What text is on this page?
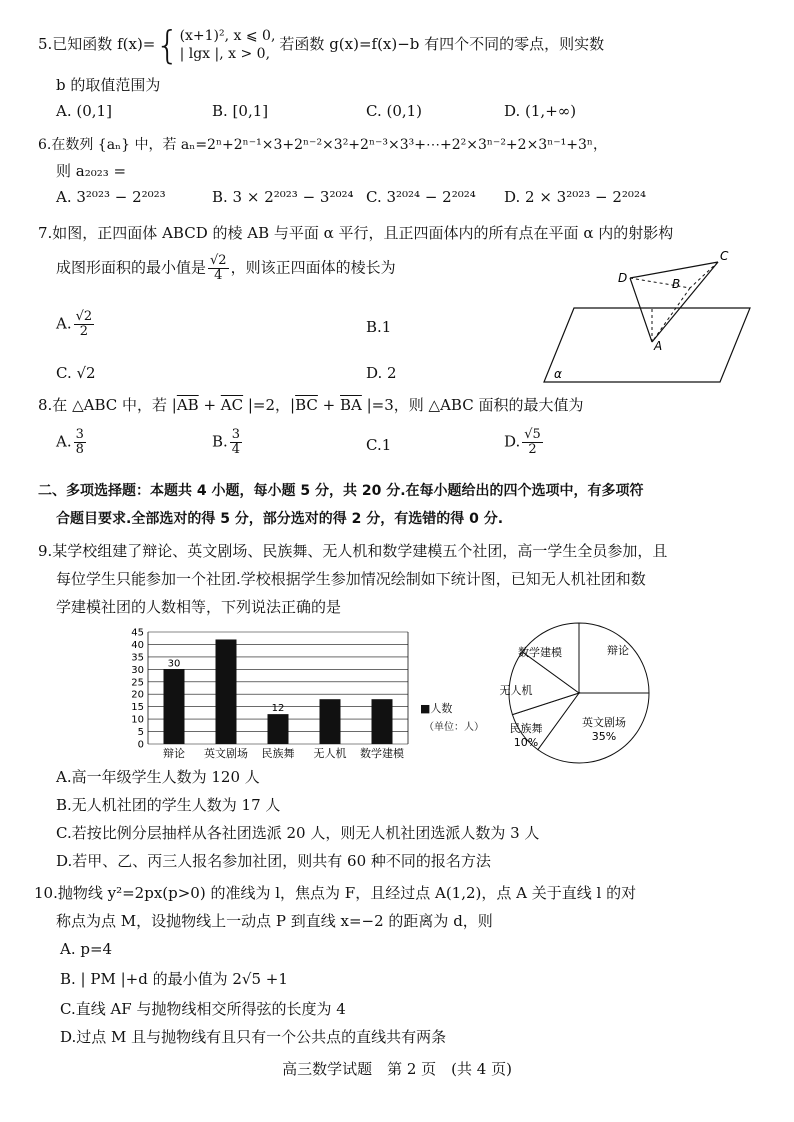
5.已知函数 f(x)={ (x+1)², x ⩽ 0,
| lgx |, x > 0,
若函数 g(x)=f(x)−b 有四个不同的零点，则实数
b 的取值范围为
A. (0,1]	B. [0,1]	C. (0,1)	D. (1,+∞)
6.在数列 {aₙ} 中，若 aₙ=2ⁿ+2ⁿ⁻¹×3+2ⁿ⁻²×3²+2ⁿ⁻³×3³+⋯+2²×3ⁿ⁻²+2×3ⁿ⁻¹+3ⁿ，
则 a₂₀₂₃ =
A. 3²⁰²³ − 2²⁰²³	B. 3 × 2²⁰²³ − 3²⁰²⁴ C. 3²⁰²⁴ − 2²⁰²⁴ D. 2 × 3²⁰²³ − 2²⁰²⁴
7.如图，正四面体 ABCD 的棱 AB 与平面 α 平行，且正四面体内的所有点在平面 α 内的射影构
成图形面积的最小值是 $\frac{√2}{4}$ ，则该正四面体的棱长为
A. $\frac{√2}{2}$	B.1
C. √2	D. 2
D
C
B
A
α
8.在 △ABC 中，若 $|\overline{AB} + \overline{AC}$ |=2，$|\overline{BC} + \overline{BA}$ |=3，则 △ABC 面积的最大值为
A. $\frac{3}{8}$	B. $\frac{3}{4}$	C.1	D. $\frac{√5}{2}$
二、多项选择题：本题共 4 小题，每小题 5 分，共 20 分.在每小题给出的四个选项中，有多项符
合题目要求.全部选对的得 5 分，部分选对的得 2 分，有选错的得 0 分.
9.某学校组建了辩论、英文剧场、民族舞、无人机和数学建模五个社团，高一学生全员参加，且
每位学生只能参加一个社团.学校根据学生参加情况绘制如下统计图，已知无人机社团和数
学建模社团的人数相等，下列说法正确的是
0
5
10
15
20
25
30
35
40
45
30
12
辩论 英文剧场 民族舞 无人机 数学建模
■人数
（单位：人）
辩论
英文剧场
35%
民族舞
10%
无人机
数学建模
A.高一年级学生人数为 120 人
B.无人机社团的学生人数为 17 人
C.若按比例分层抽样从各社团选派 20 人，则无人机社团选派人数为 3 人
D.若甲、乙、丙三人报名参加社团，则共有 60 种不同的报名方法
10.抛物线 y²=2px(p>0) 的准线为 l，焦点为 F，且经过点 A(1,2)，点 A 关于直线 l 的对
称点为点 M，设抛物线上一动点 P 到直线 x=−2 的距离为 d，则
A. p=4
B. | PM |+d 的最小值为 2√5 +1
C.直线 AF 与抛物线相交所得弦的长度为 4
D.过点 M 且与抛物线有且只有一个公共点的直线共有两条
高三数学试题　第 2 页　(共 4 页)
